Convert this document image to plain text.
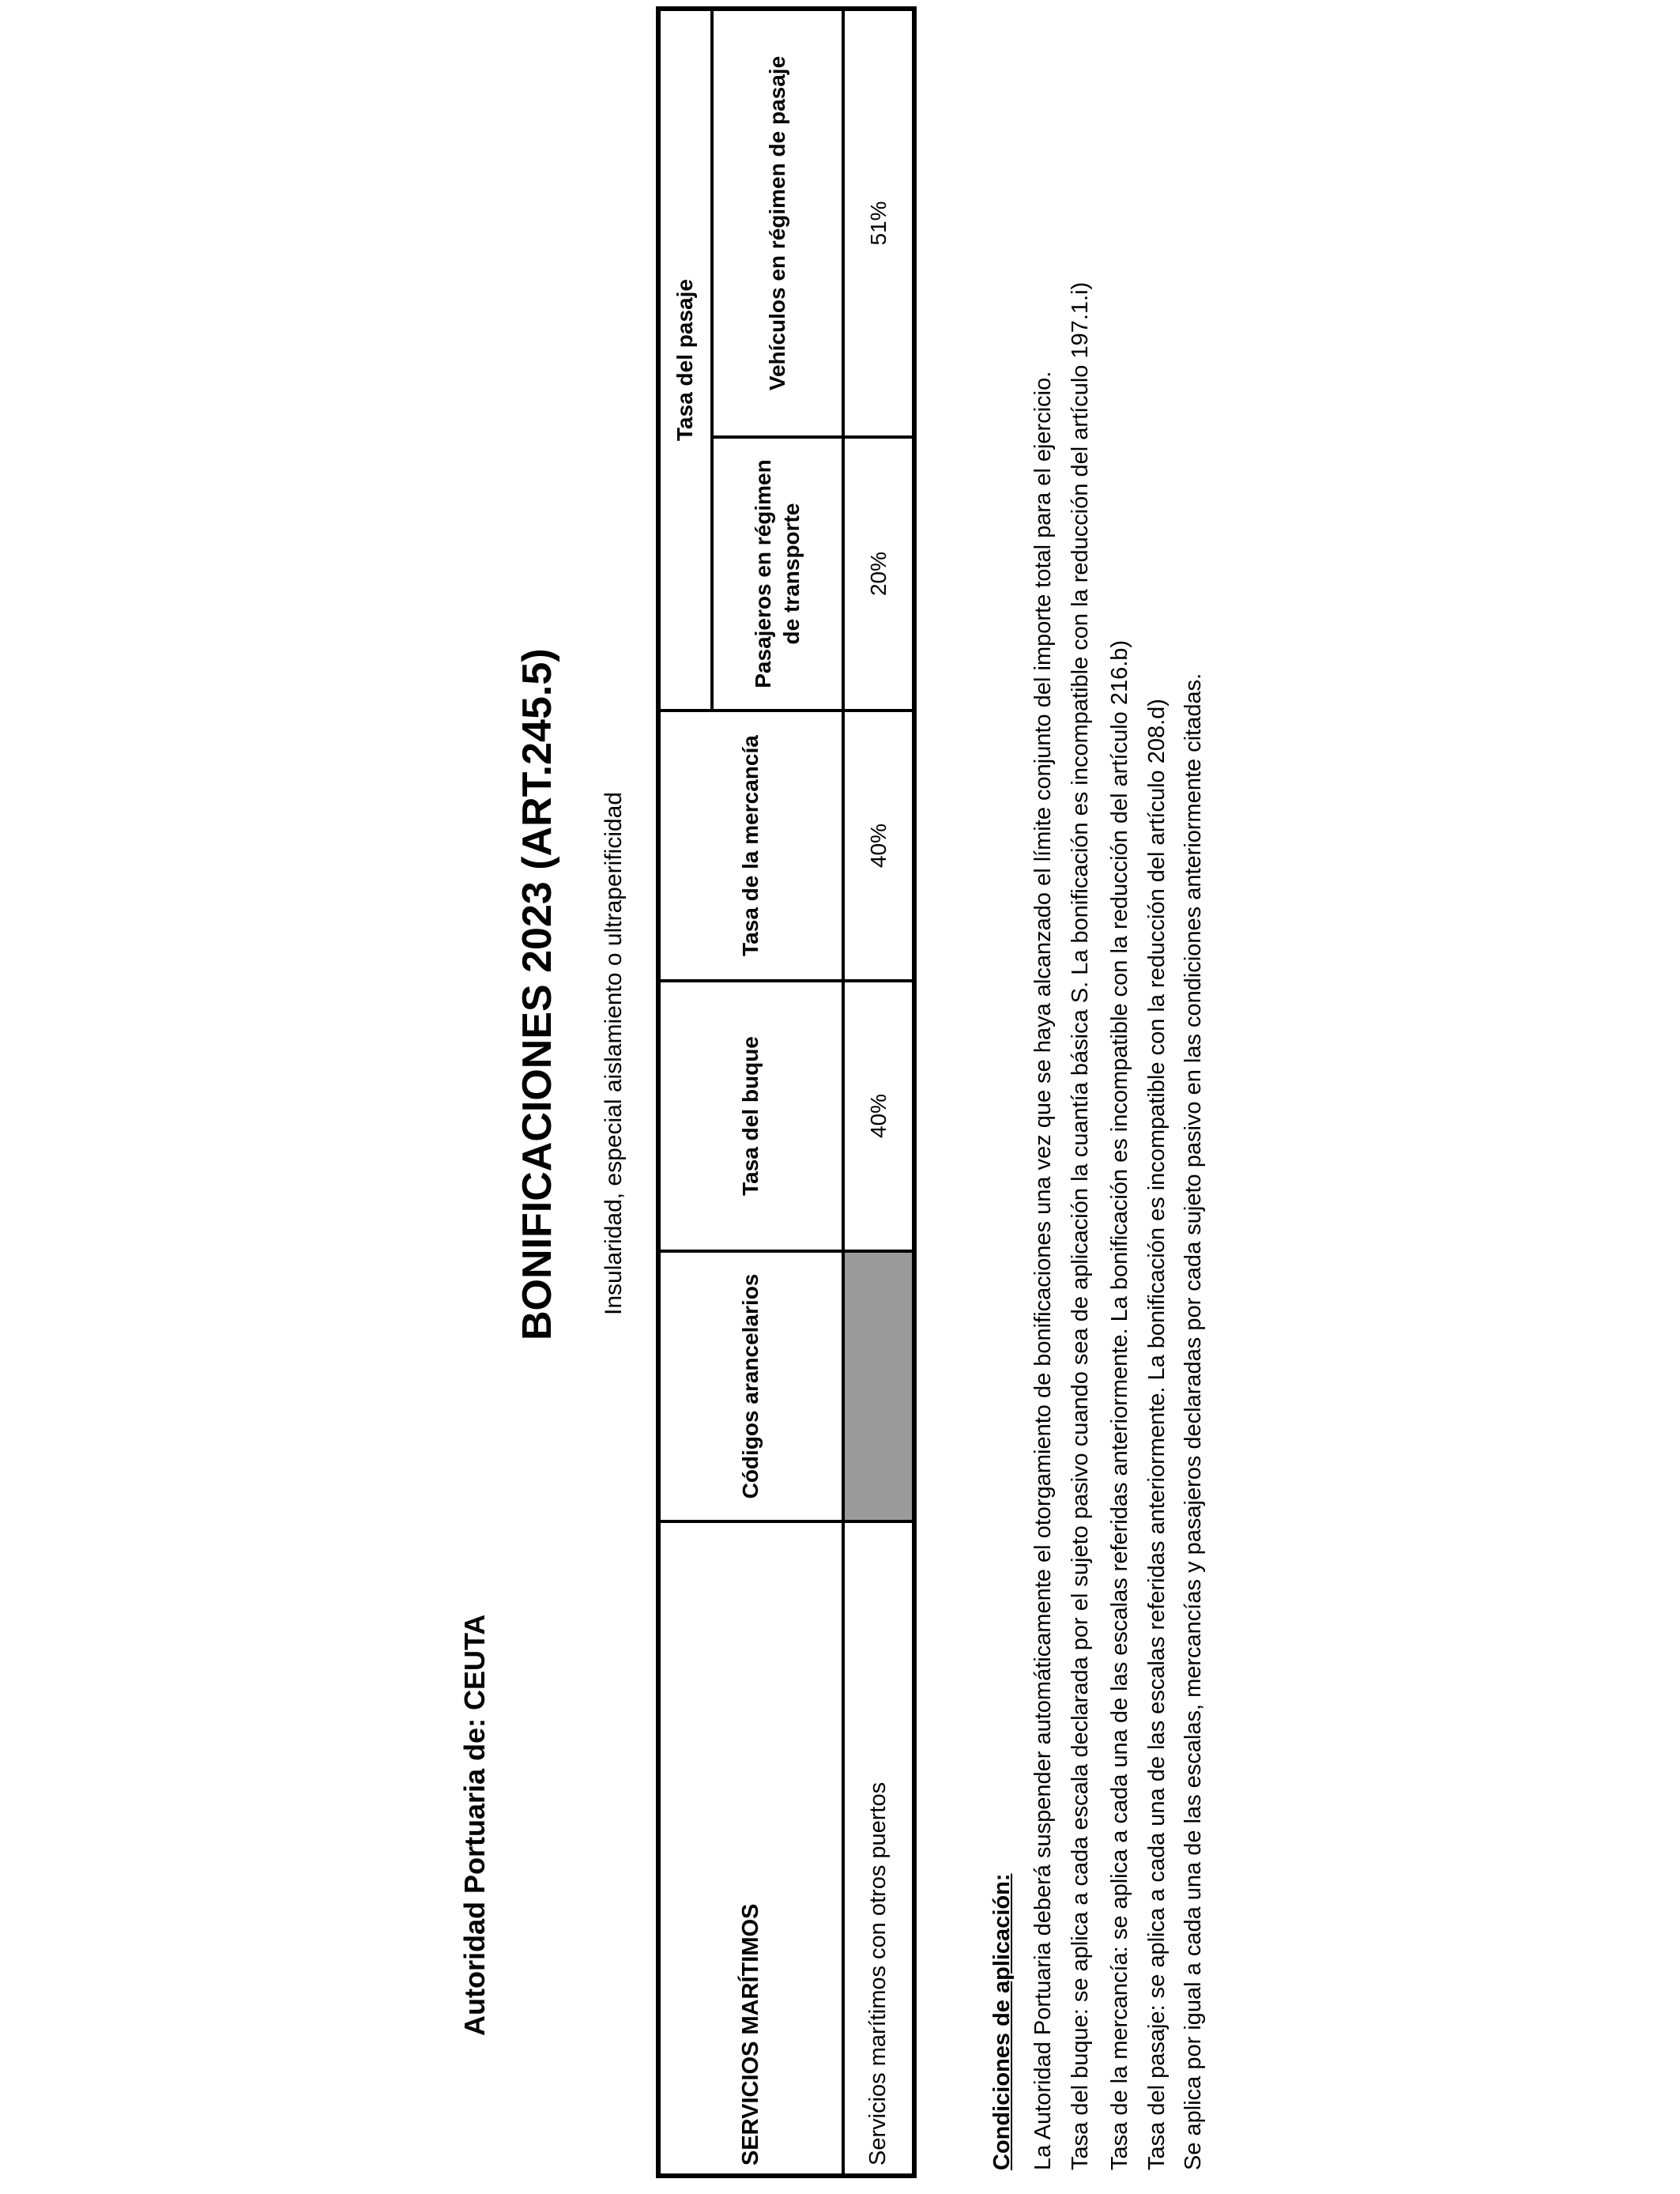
Autoridad Portuaria de: CEUTA
BONIFICACIONES 2023 (ART.245.5) Insularidad, especial aislamiento o ultraperificidad
SERVICIOS MARÍTIMOS	Códigos arancelarios	Tasa del buque	Tasa de la mercancía	Tasa del pasaje	
				Pasajeros en régimen de transporte	Vehículos en régimen de pasaje
Servicios marítimos con otros puertos		40%	40%	20%	51%
Condiciones de aplicación: La Autoridad Portuaria deberá suspender automáticamente el otorgamiento de bonificaciones una vez que se haya alcanzado el límite conjunto del importe total para el ejercicio. Tasa del buque: se aplica a cada escala declarada por el sujeto pasivo cuando sea de aplicación la cuantía básica S. La bonificación es incompatible con la reducción del artículo 197.1.i) Tasa de la mercancía: se aplica a cada una de las escalas referidas anteriormente. La bonificación es incompatible con la reducción del artículo 216.b) Tasa del pasaje: se aplica a cada una de las escalas referidas anteriormente. La bonificación es incompatible con la reducción del artículo 208.d) Se aplica por igual a cada una de las escalas, mercancías y pasajeros declaradas por cada sujeto pasivo en las condiciones anteriormente citadas.
